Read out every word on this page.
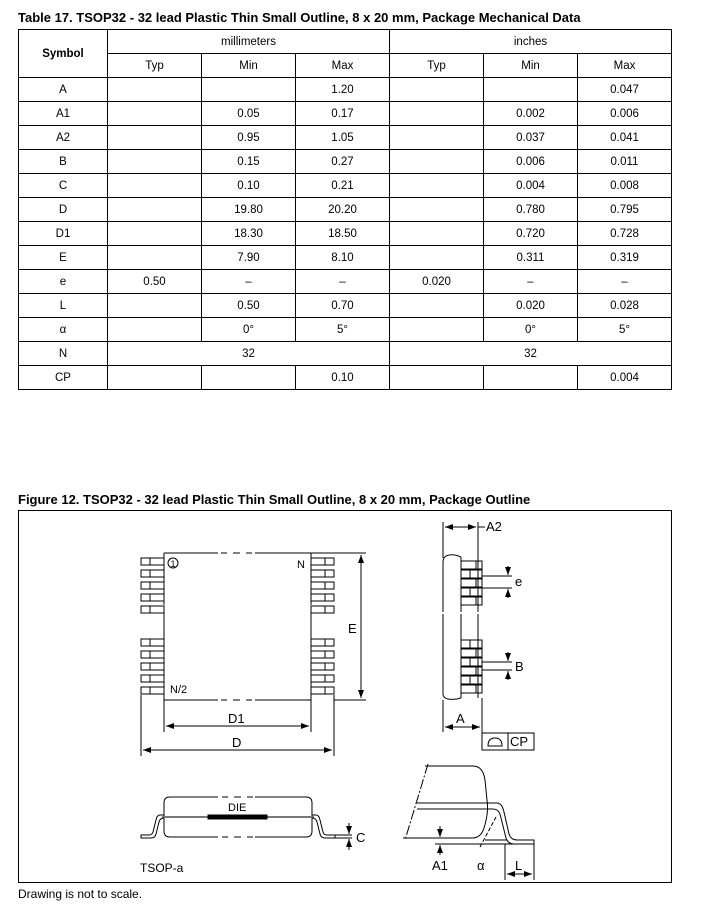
Table 17. TSOP32 - 32 lead Plastic Thin Small Outline, 8 x 20 mm, Package Mechanical Data
Symbol	millimeters			inches		
	Typ	Min	Max	Typ	Min	Max
A			1.20			0.047
A1		0.05	0.17		0.002	0.006
A2		0.95	1.05		0.037	0.041
B		0.15	0.27		0.006	0.011
C		0.10	0.21		0.004	0.008
D		19.80	20.20		0.780	0.795
D1		18.30	18.50		0.720	0.728
E		7.90	8.10		0.311	0.319
e	0.50	–	–	0.020	–	–
L		0.50	0.70		0.020	0.028
α		0°	5°		0°	5°
N	32			32		
CP			0.10			0.004
Figure 12. TSOP32 - 32 lead Plastic Thin Small Outline, 8 x 20 mm, Package Outline
Drawing is not to scale.
1	N
N/2
E
D1
D
A2
e
B
A
CP
DIE
C
TSOP-a	A1 α L
